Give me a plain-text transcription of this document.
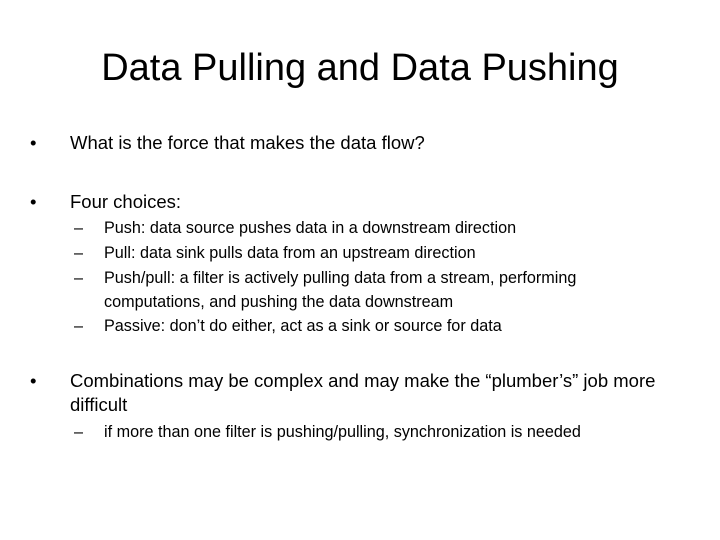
Data Pulling and Data Pushing
•	What is the force that makes the data flow?
•	Four choices:
–	Push: data source pushes data in a downstream direction
–	Pull: data sink pulls data from an upstream direction
–	Push/pull: a filter is actively pulling data from a stream, performing computations, and pushing the data downstream
–	Passive: don’t do either, act as a sink or source for data
•	Combinations may be complex and may make the “plumber’s” job more difficult
–	if more than one filter is pushing/pulling, synchronization is needed
